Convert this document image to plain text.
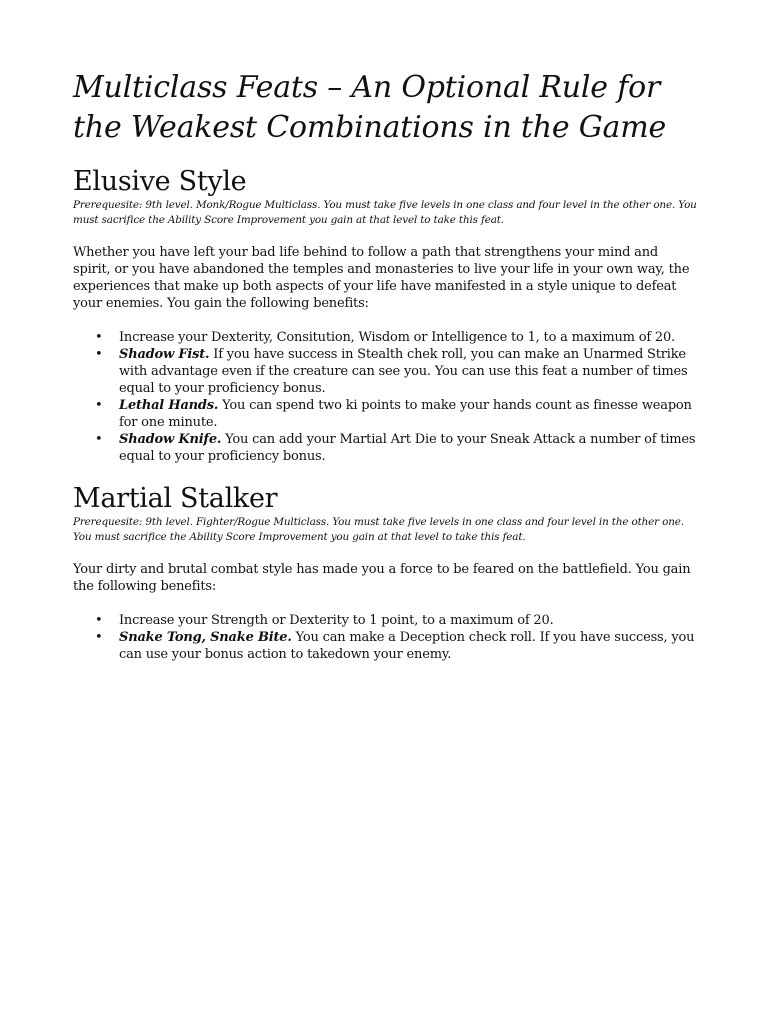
Multiclass Feats – An Optional Rule for
the Weakest Combinations in the Game
Elusive Style

Prerequesite: 9th level. Monk/Rogue Multiclass. You must take five levels in one class and four level in the other one. You must sacrifice the Ability Score Improvement you gain at that level to take this feat.

Whether you have left your bad life behind to follow a path that strengthens your mind and spirit, or you have abandoned the temples and monasteries to live your life in your own way, the experiences that make up both aspects of your life have manifested in a style unique to defeat your enemies. You gain the following benefits:

• Increase your Dexterity, Consitution, Wisdom or Intelligence to 1, to a maximum of 20.
• Shadow Fist. If you have success in Stealth chek roll, you can make an Unarmed Strike with advantage even if the creature can see you. You can use this feat a number of times equal to your proficiency bonus.
• Lethal Hands. You can spend two ki points to make your hands count as finesse weapon for one minute.
• Shadow Knife. You can add your Martial Art Die to your Sneak Attack a number of times equal to your proficiency bonus.
Martial Stalker

Prerequesite: 9th level. Fighter/Rogue Multiclass. You must take five levels in one class and four level in the other one. You must sacrifice the Ability Score Improvement you gain at that level to take this feat.

Your dirty and brutal combat style has made you a force to be feared on the battlefield. You gain the following benefits:

• Increase your Strength or Dexterity to 1 point, to a maximum of 20.
• Snake Tong, Snake Bite. You can make a Deception check roll. If you have success, you can use your bonus action to takedown your enemy.
